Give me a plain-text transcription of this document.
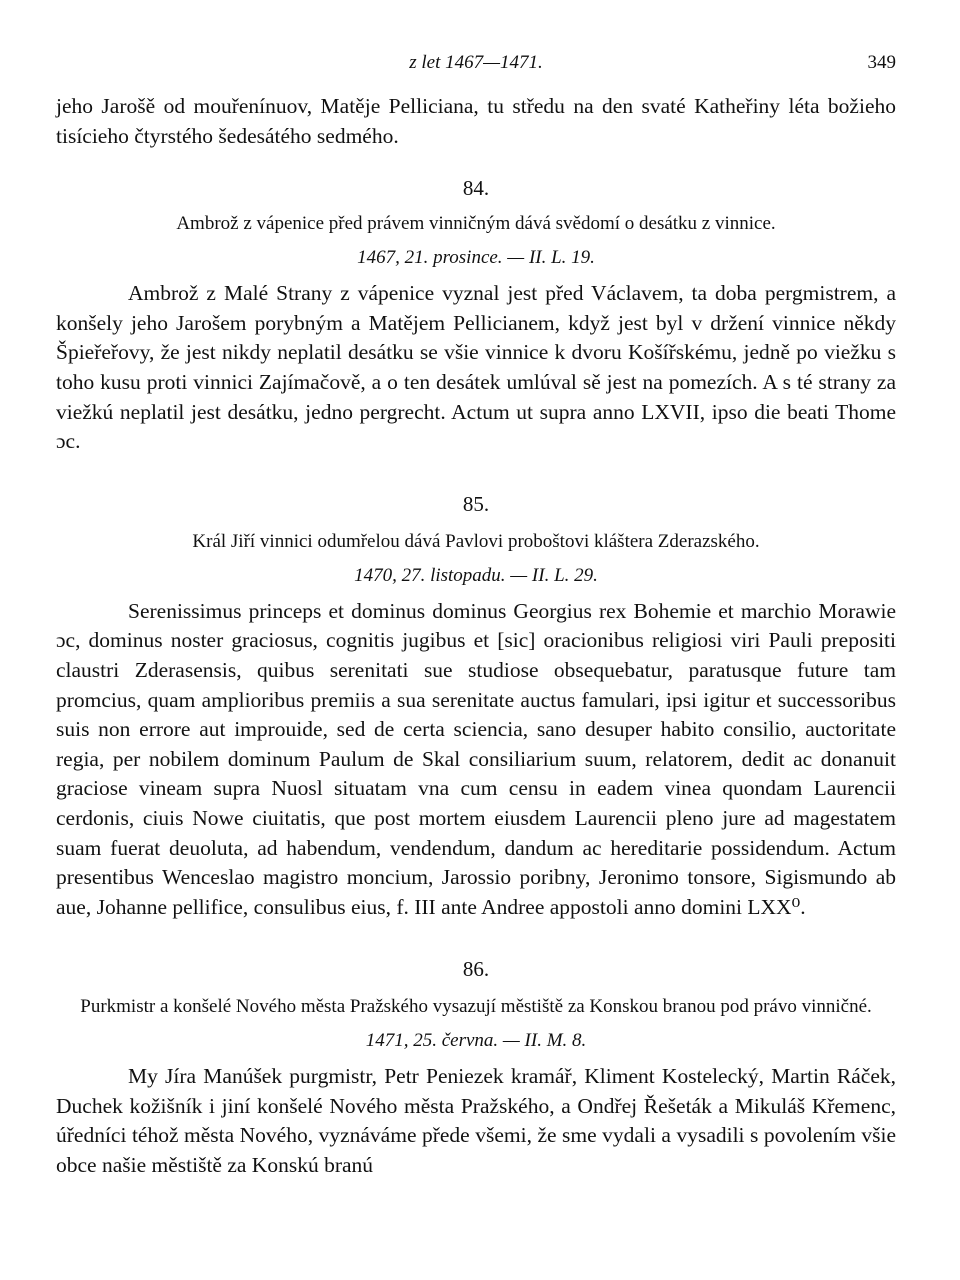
z let 1467—1471.	349

jeho Jarošě od mouřenínuov, Matěje Pelliciana, tu středu na den svaté Katheřiny léta božieho tisícieho čtyrstého šedesátého sedmého.

84.
Ambrož z vápenice před právem vinničným dává svědomí o desátku z vinnice.
1467, 21. prosince. — II. L. 19.

Ambrož z Malé Strany z vápenice vyznal jest před Václavem, ta doba pergmistrem, a konšely jeho Jarošem porybným a Matějem Pellicianem, když jest byl v držení vinnice někdy Špieřeřovy, že jest nikdy neplatil desátku se všie vinnice k dvoru Košířskému, jedně po viežku s toho kusu proti vinnici Zajímačově, a o ten desátek umlúval sě jest na pomezích. A s té strany za viežkú neplatil jest desátku, jedno pergrecht. Actum ut supra anno LXVII, ipso die beati Thome ɔc.

85.
Král Jiří vinnici odumřelou dává Pavlovi proboštovi kláštera Zderazského.
1470, 27. listopadu. — II. L. 29.

Serenissimus princeps et dominus dominus Georgius rex Bohemie et marchio Morawie ɔc, dominus noster graciosus, cognitis jugibus et [sic] oracionibus religiosi viri Pauli prepositi claustri Zderasensis, quibus serenitati sue studiose obsequebatur, paratusque future tam promcius, quam amplioribus premiis a sua serenitate auctus famulari, ipsi igitur et successoribus suis non errore aut improuide, sed de certa sciencia, sano desuper habito consilio, auctoritate regia, per nobilem dominum Paulum de Skal consiliarium suum, relatorem, dedit ac donanuit graciose vineam supra Nuosl situatam vna cum censu in eadem vinea quondam Laurencii cerdonis, ciuis Nowe ciuitatis, que post mortem eiusdem Laurencii pleno jure ad magestatem suam fuerat deuoluta, ad habendum, vendendum, dandum ac hereditarie possidendum. Actum presentibus Wenceslao magistro moncium, Jarossio poribny, Jeronimo tonsore, Sigismundo ab aue, Johanne pellifice, consulibus eius, f. III ante Andree appostoli anno domini LXX⁰.

86.
Purkmistr a konšelé Nového města Pražského vysazují městiště za Konskou branou pod právo vinničné.
1471, 25. června. — II. M. 8.

My Jíra Manúšek purgmistr, Petr Peniezek kramář, Kliment Kostelecký, Martin Ráček, Duchek kožišník i jiní konšelé Nového města Pražského, a Ondřej Řešeták a Mikuláš Křemenc, úředníci téhož města Nového, vyznáváme přede všemi, že sme vydali a vysadili s povolením všie obce našie městiště za Konskú branú
